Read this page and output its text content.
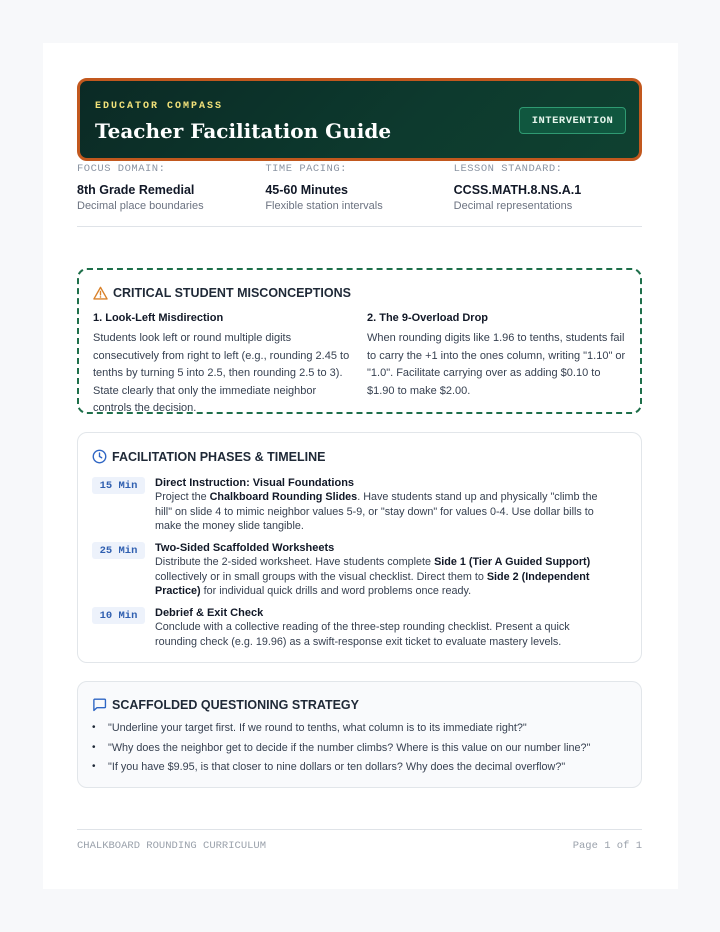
EDUCATOR COMPASS
Teacher Facilitation Guide	INTERVENTION
FOCUS DOMAIN:
8th Grade Remedial
Decimal place boundaries
TIME PACING:
45-60 Minutes
Flexible station intervals
LESSON STANDARD:
CCSS.MATH.8.NS.A.1
Decimal representations
CRITICAL STUDENT MISCONCEPTIONS
1. Look-Left Misdirection

Students look left or round multiple digits consecutively from right to left (e.g., rounding 2.45 to tenths by turning 5 into 2.5, then rounding 2.5 to 3). State clearly that only the immediate neighbor controls the decision.

2. The 9-Overload Drop

When rounding digits like 1.96 to tenths, students fail to carry the +1 into the ones column, writing "1.10" or "1.0". Facilitate carrying over as adding $0.10 to $1.90 to make $2.00.

FACILITATION PHASES & TIMELINE
15 Min	Direct Instruction: Visual Foundations
Project the Chalkboard Rounding Slides. Have students stand up and physically "climb the hill" on slide 4 to mimic neighbor values 5-9, or "stay down" for values 0-4. Use dollar bills to make the money slide tangible.
25 Min	Two-Sided Scaffolded Worksheets
Distribute the 2-sided worksheet. Have students complete Side 1 (Tier A Guided Support) collectively or in small groups with the visual checklist. Direct them to Side 2 (Independent Practice) for individual quick drills and word problems once ready.
10 Min	Debrief & Exit Check
Conclude with a collective reading of the three-step rounding checklist. Present a quick rounding check (e.g. 19.96) as a swift-response exit ticket to evaluate mastery levels.
SCAFFOLDED QUESTIONING STRATEGY
•	"Underline your target first. If we round to tenths, what column is to its immediate right?"
•	"Why does the neighbor get to decide if the number climbs? Where is this value on our number line?"
•	"If you have $9.95, is that closer to nine dollars or ten dollars? Why does the decimal overflow?"
CHALKBOARD ROUNDING CURRICULUM	Page 1 of 1
